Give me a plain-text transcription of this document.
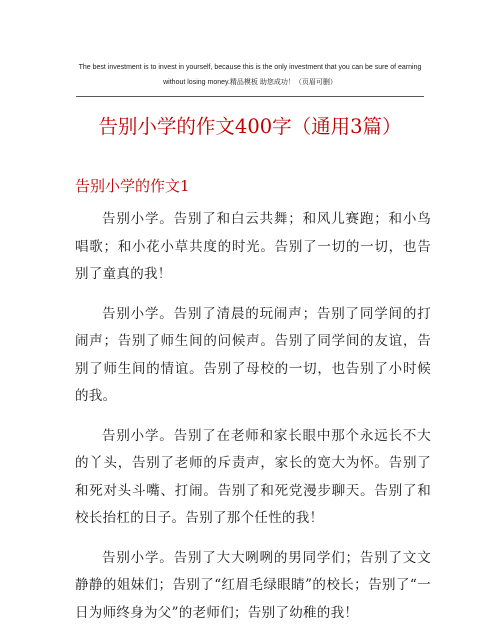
The best investment is to invest in yourself, because this is the only investment that you can be sure of earning
without losing money.精品模板 助您成功！（页眉可删）
告别小学的作文400字（通用3篇）
告别小学的作文1

告别小学。告别了和白云共舞；和风儿赛跑；和小鸟唱歌；和小花小草共度的时光。告别了一切的一切，也告别了童真的我！

告别小学。告别了清晨的玩闹声；告别了同学间的打闹声；告别了师生间的问候声。告别了同学间的友谊，告别了师生间的情谊。告别了母校的一切，也告别了小时候的我。

告别小学。告别了在老师和家长眼中那个永远长不大的丫头，告别了老师的斥责声，家长的宽大为怀。告别了和死对头斗嘴、打闹。告别了和死党漫步聊天。告别了和校长抬杠的日子。告别了那个任性的我！

告别小学。告别了大大咧咧的男同学们；告别了文文静静的姐妹们；告别了“红眉毛绿眼睛”的校长；告别了“一日为师终身为父”的老师们；告别了幼稚的我！
